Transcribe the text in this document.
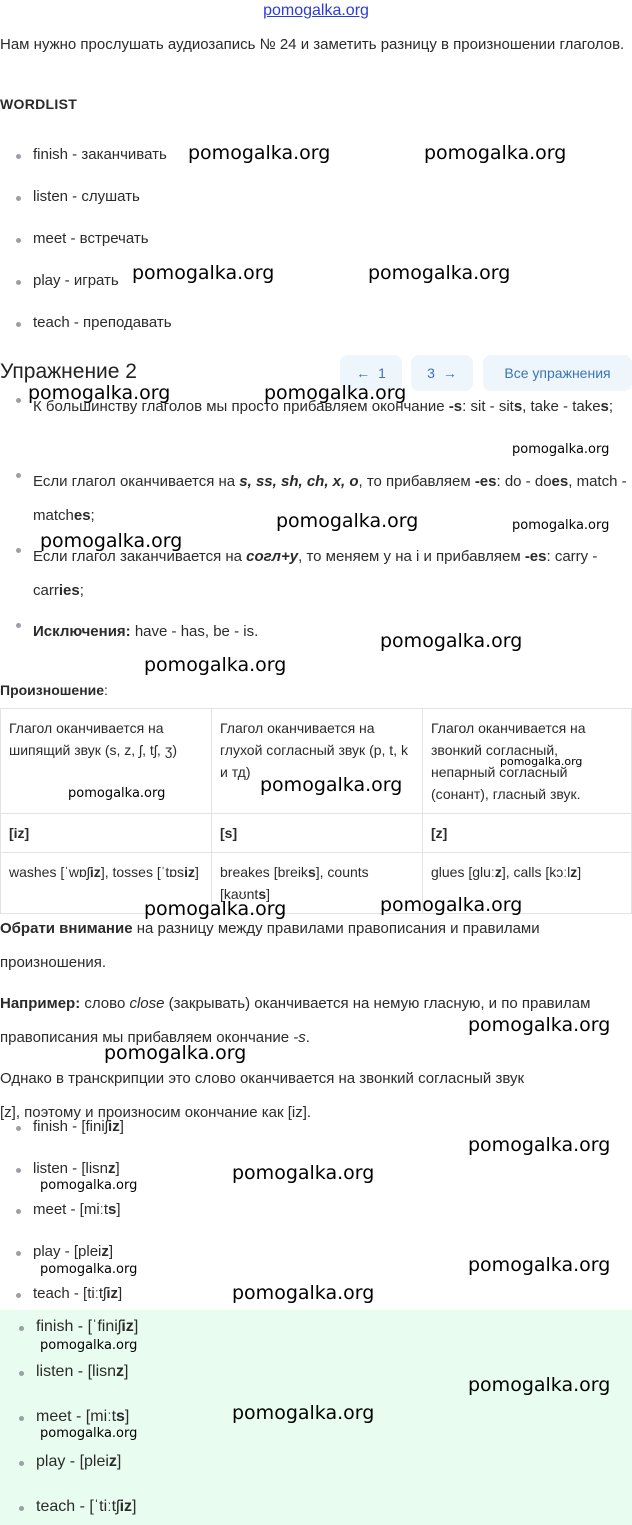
pomogalka.org
Нам нужно прослушать аудиозапись № 24 и заметить разницу в произношении глаголов.
WORDLIST
finish - заканчивать
listen - слушать
meet - встречать
play - играть
teach - преподавать
Упражнение 2	← 1	3 →	Все упражнения
К большинству глаголов мы просто прибавляем окончание -s: sit - sits, take - takes;
Если глагол оканчивается на s, ss, sh, ch, x, o, то прибавляем -es: do - does, match - matches;
Если глагол заканчивается на согл+y, то меняем y на i и прибавляем -es: carry - carries;
Исключения: have - has, be - is.
Произношение:
Глагол оканчивается на шипящий звук (s, z, ʃ, tʃ, ʒ)	Глагол оканчивается на глухой согласный звук (p, t, k и тд)	Глагол оканчивается на звонкий согласный, непарный согласный (сонант), гласный звук.
[iz]	[s]	[z]
washes [ˈwɒʃiz], tosses [ˈtɒsiz]	breakes [breiks], counts [kaʊnts]	glues [gluːz], calls [kɔːlz]
Обрати внимание на разницу между правилами правописания и правилами произношения.
Например: слово close (закрывать) оканчивается на немую гласную, и по правилам правописания мы прибавляем окончание -s.
Однако в транскрипции это слово оканчивается на звонкий согласный звук
[z], поэтому и произносим окончание как [iz].
finish - [finiʃiz]
listen - [lisnz]
meet - [miːts]
play - [pleiz]
teach - [tiːtʃiz]
finish - [ˈfiniʃiz]
listen - [lisnz]
meet - [miːts]
play - [pleiz]
teach - [ˈtiːtʃiz]
pomogalka.org	pomogalka.org
pomogalka.org	pomogalka.org
pomogalka.org	pomogalka.org
pomogalka.org
pomogalka.org	pomogalka.org
pomogalka.org
pomogalka.org
pomogalka.org
pomogalka.org
pomogalka.org
pomogalka.org
pomogalka.org	pomogalka.org
pomogalka.org
pomogalka.org
pomogalka.org
pomogalka.org
pomogalka.org
pomogalka.org
pomogalka.org
pomogalka.org
pomogalka.org
pomogalka.org
pomogalka.org
pomogalka.org
